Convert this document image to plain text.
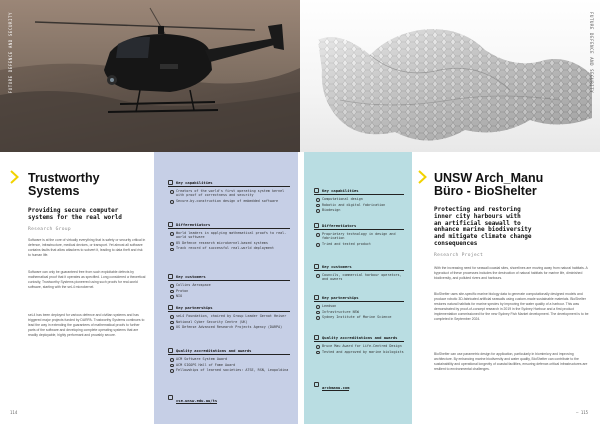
FUTURE DEFENCE AND SECURITY	FUTURE DEFENCE AND SECURITY
Trustworthy
Systems
Providing secure computer
systems for the real world
Research Group
Software is at the core of virtually everything that is safety or security critical in defence, infrastructure, medical devices, or transport. Yet almost all software contains faults that allow attackers to subvert it, leading to data theft and risk to human life.
Software can only be guaranteed free from such exploitable defects by mathematical proof that it operates as specified. Long considered a theoretical curiosity, Trustworthy Systems pioneered using such proofs for real-world software, starting with the seL4 microkernel.
seL4 has been deployed for various defence and civilian systems and has triggered major projects funded by DARPA. Trustworthy Systems continues to lead the way in extending the guarantees of mathematical proofs to further parts of the software and developing complete operating systems that are readily deployable, highly performant and provably secure.
114
Key capabilities
Creators of the world's first operating system kernel with proof of correctness and security
Secure-by-construction design of embedded software
Differentiators
World leaders in applying mathematical proofs to real-world software
85 Defence research microkernel-based systems
Track record of successful real-world deployment
Key customers
Collins Aerospace
Proton
NIO
Key partnerships
seL4 Foundation, chaired by Group Leader Gernot Heiser
National Cyber Security Centre (UK)
US Defense Advanced Research Projects Agency (DARPA)
Quality accreditations and awards
ACM Software System Award
ACM SIGOPS Hall of Fame Award
Fellowships of learned societies: ATSE, RSN, Leopoldina
cse.unsw.edu.au/ts
Key capabilities
Computational design
Robotic and digital fabrication
Biodesign
Differentiators
Proprietary technology in design and fabrication
Tried and tested product
Key customers
Councils, commercial harbour operators, and owners
Key partnerships
Leedson
Infrastructure NSW
Sydney Institute of Marine Science
Quality accreditations and awards
Bruce Mau Award for Life-Centred Design
Tested and approved by marine biologists
archmanu.com
UNSW Arch_Manu
Büro - BioShelter
Protecting and restoring
inner city harbours with
an artificial seawall to
enhance marine biodiversity
and mitigate climate change
consequences
Research Project
With the increasing need for seawall coastal sites, shorelines are moving away from natural habitats. A byproduct of these processes includes the destruction of natural habitats for marine life, diminished biodiversity, and polluted rivers and harbours.
BioShelter uses site-specific marine biology data to generate computationally designed models and produce robotic 3D-fabricated artificial seawalls using custom-made sustainable materials. BioShelter restores natural habitats for marine species by improving the water quality of a harbour. This was demonstrated by proof-of-concept research in 2019 in the Sydney Harbour and a first product implementation commissioned for the new Sydney Fish Market development. The development is to be completed in September 2024.
BioShelter can use parametric design for application, particularly in biomimicry and improving architecture. By enhancing marine biodiversity and water quality, BioShelter can contribute to the sustainability and operational longevity of coastal facilities, ensuring defence-critical infrastructures are resilient to environmental challenges.
— 115
